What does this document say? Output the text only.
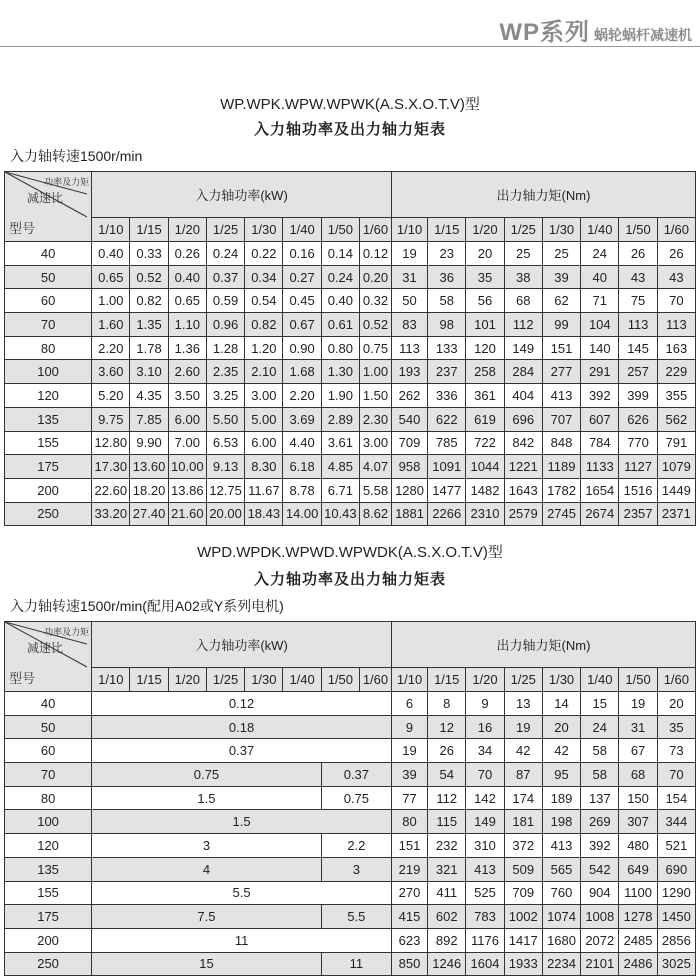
WP系列 蜗轮蜗杆减速机
WP.WPK.WPW.WPWK(A.S.X.O.T.V)型
入力轴功率及出力轴力矩表
入力轴转速1500r/min
功率及力矩
减速比
型号	入力轴功率(kW)								出力轴力矩(Nm)							
	1/10	1/15	1/20	1/25	1/30	1/40	1/50	1/60	1/10	1/15	1/20	1/25	1/30	1/40	1/50	1/60
40	0.40	0.33	0.26	0.24	0.22	0.16	0.14	0.12	19	23	20	25	25	24	26	26
50	0.65	0.52	0.40	0.37	0.34	0.27	0.24	0.20	31	36	35	38	39	40	43	43
60	1.00	0.82	0.65	0.59	0.54	0.45	0.40	0.32	50	58	56	68	62	71	75	70
70	1.60	1.35	1.10	0.96	0.82	0.67	0.61	0.52	83	98	101	112	99	104	113	113
80	2.20	1.78	1.36	1.28	1.20	0.90	0.80	0.75	113	133	120	149	151	140	145	163
100	3.60	3.10	2.60	2.35	2.10	1.68	1.30	1.00	193	237	258	284	277	291	257	229
120	5.20	4.35	3.50	3.25	3.00	2.20	1.90	1.50	262	336	361	404	413	392	399	355
135	9.75	7.85	6.00	5.50	5.00	3.69	2.89	2.30	540	622	619	696	707	607	626	562
155	12.80	9.90	7.00	6.53	6.00	4.40	3.61	3.00	709	785	722	842	848	784	770	791
175	17.30	13.60	10.00	9.13	8.30	6.18	4.85	4.07	958	1091	1044	1221	1189	1133	1127	1079
200	22.60	18.20	13.86	12.75	11.67	8.78	6.71	5.58	1280	1477	1482	1643	1782	1654	1516	1449
250	33.20	27.40	21.60	20.00	18.43	14.00	10.43	8.62	1881	2266	2310	2579	2745	2674	2357	2371
WPD.WPDK.WPWD.WPWDK(A.S.X.O.T.V)型
入力轴功率及出力轴力矩表
入力轴转速1500r/min(配用A02或Y系列电机)
功率及力矩
减速比
型号	入力轴功率(kW)								出力轴力矩(Nm)							
	1/10	1/15	1/20	1/25	1/30	1/40	1/50	1/60	1/10	1/15	1/20	1/25	1/30	1/40	1/50	1/60
40	0.12								6	8	9	13	14	15	19	20
50	0.18								9	12	16	19	20	24	31	35
60	0.37								19	26	34	42	42	58	67	73
70	0.75						0.37		39	54	70	87	95	58	68	70
80	1.5						0.75		77	112	142	174	189	137	150	154
100	1.5								80	115	149	181	198	269	307	344
120	3						2.2		151	232	310	372	413	392	480	521
135	4						3		219	321	413	509	565	542	649	690
155	5.5								270	411	525	709	760	904	1100	1290
175	7.5						5.5		415	602	783	1002	1074	1008	1278	1450
200	11								623	892	1176	1417	1680	2072	2485	2856
250	15						11		850	1246	1604	1933	2234	2101	2486	3025
